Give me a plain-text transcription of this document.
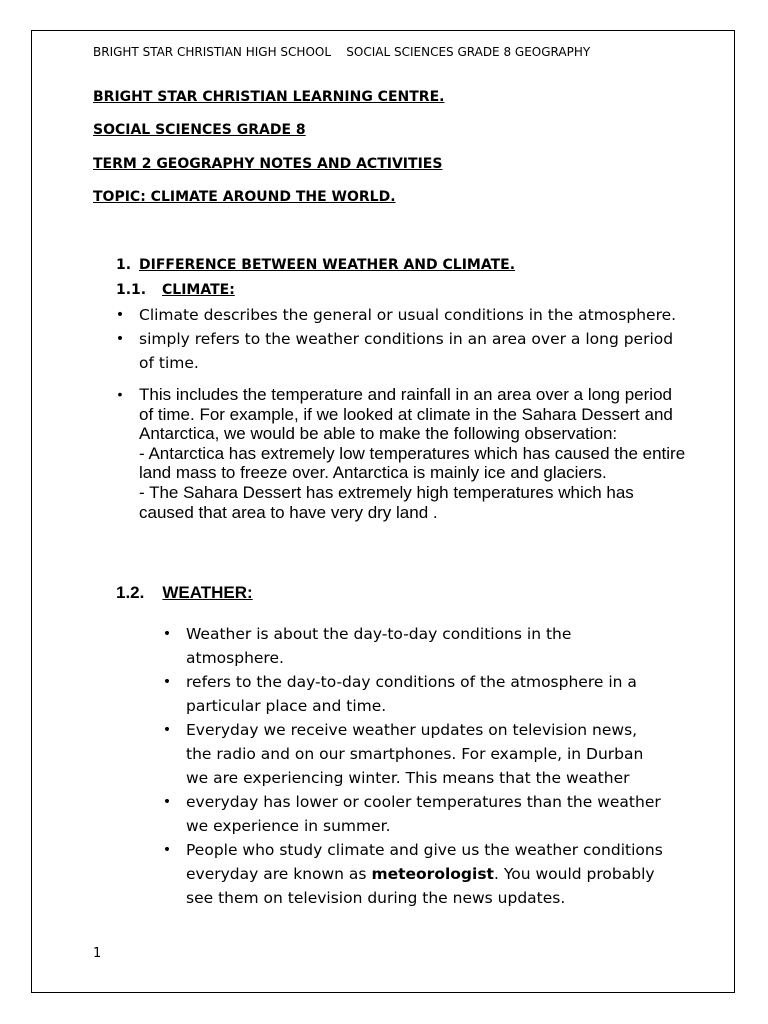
BRIGHT STAR CHRISTIAN HIGH SCHOOL SOCIAL SCIENCES GRADE 8 GEOGRAPHY
BRIGHT STAR CHRISTIAN LEARNING CENTRE.
SOCIAL SCIENCES GRADE 8
TERM 2 GEOGRAPHY NOTES AND ACTIVITIES
TOPIC: CLIMATE AROUND THE WORLD.
1. DIFFERENCE BETWEEN WEATHER AND CLIMATE.
1.1. CLIMATE:
• Climate describes the general or usual conditions in the atmosphere.
• simply refers to the weather conditions in an area over a long period of time.
• This includes the temperature and rainfall in an area over a long period of time. For example, if we looked at climate in the Sahara Dessert and Antarctica, we would be able to make the following observation:

- Antarctica has extremely low temperatures which has caused the entire land mass to freeze over. Antarctica is mainly ice and glaciers.

- The Sahara Dessert has extremely high temperatures which has caused that area to have very dry land .

1.2. WEATHER:
• Weather is about the day-to-day conditions in the atmosphere.
• refers to the day-to-day conditions of the atmosphere in a particular place and time.
• Everyday we receive weather updates on television news, the radio and on our smartphones. For example, in Durban we are experiencing winter. This means that the weather
• everyday has lower or cooler temperatures than the weather we experience in summer.
• People who study climate and give us the weather conditions everyday are known as meteorologist. You would probably see them on television during the news updates.
1
